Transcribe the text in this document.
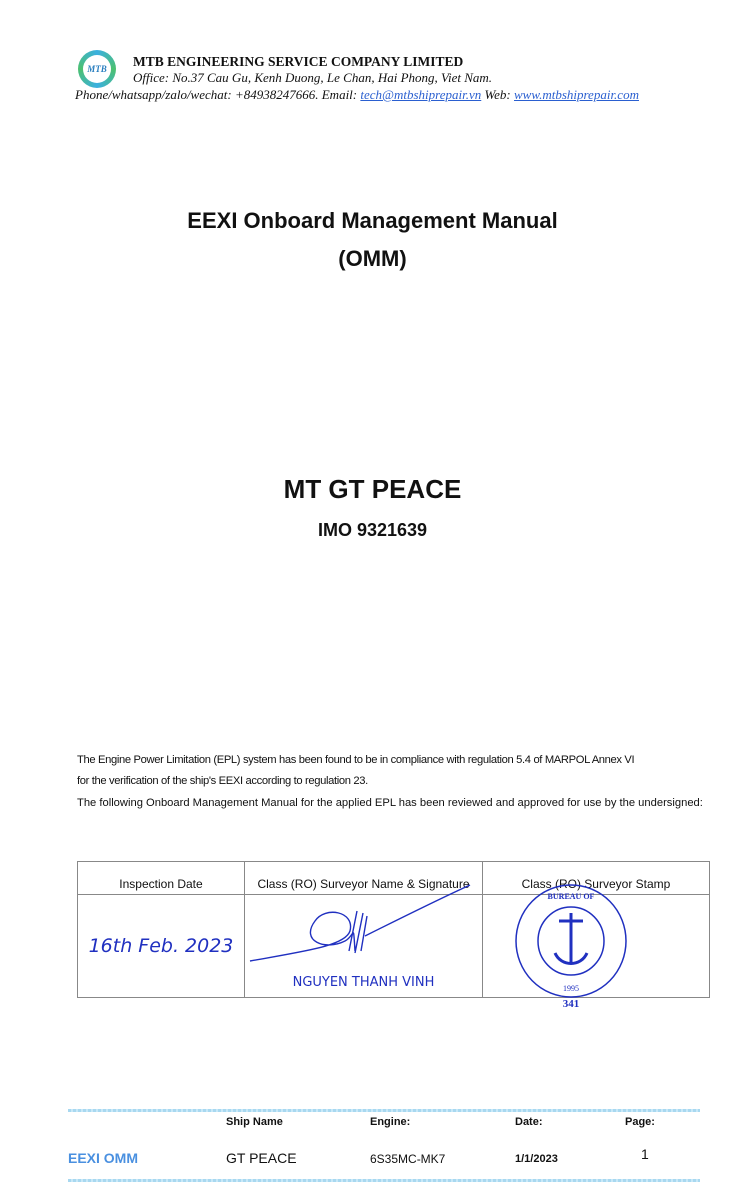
MTB	MTB ENGINEERING SERVICE COMPANY LIMITED
Office: No.37 Cau Gu, Kenh Duong, Le Chan, Hai Phong, Viet Nam.
Phone/whatsapp/zalo/wechat: +84938247666. Email: tech@mtbshiprepair.vn Web: www.mtbshiprepair.com
EEXI Onboard Management Manual
(OMM)
MT GT PEACE
IMO 9321639

The Engine Power Limitation (EPL) system has been found to be in compliance with regulation 5.4 of MARPOL Annex VI

for the verification of the ship's EEXI according to regulation 23.

The following Onboard Management Manual for the applied EPL has been reviewed and approved for use by the undersigned:

Inspection Date	Class (RO) Surveyor Name & Signature	Class (RO) Surveyor Stamp
16th Feb. 2023	NGUYEN THANH VINH	BUREAU OF
1995
341
Ship Name	Engine:	Date:	Page:
EEXI OMM	GT PEACE	6S35MC-MK7	1/1/2023	1
